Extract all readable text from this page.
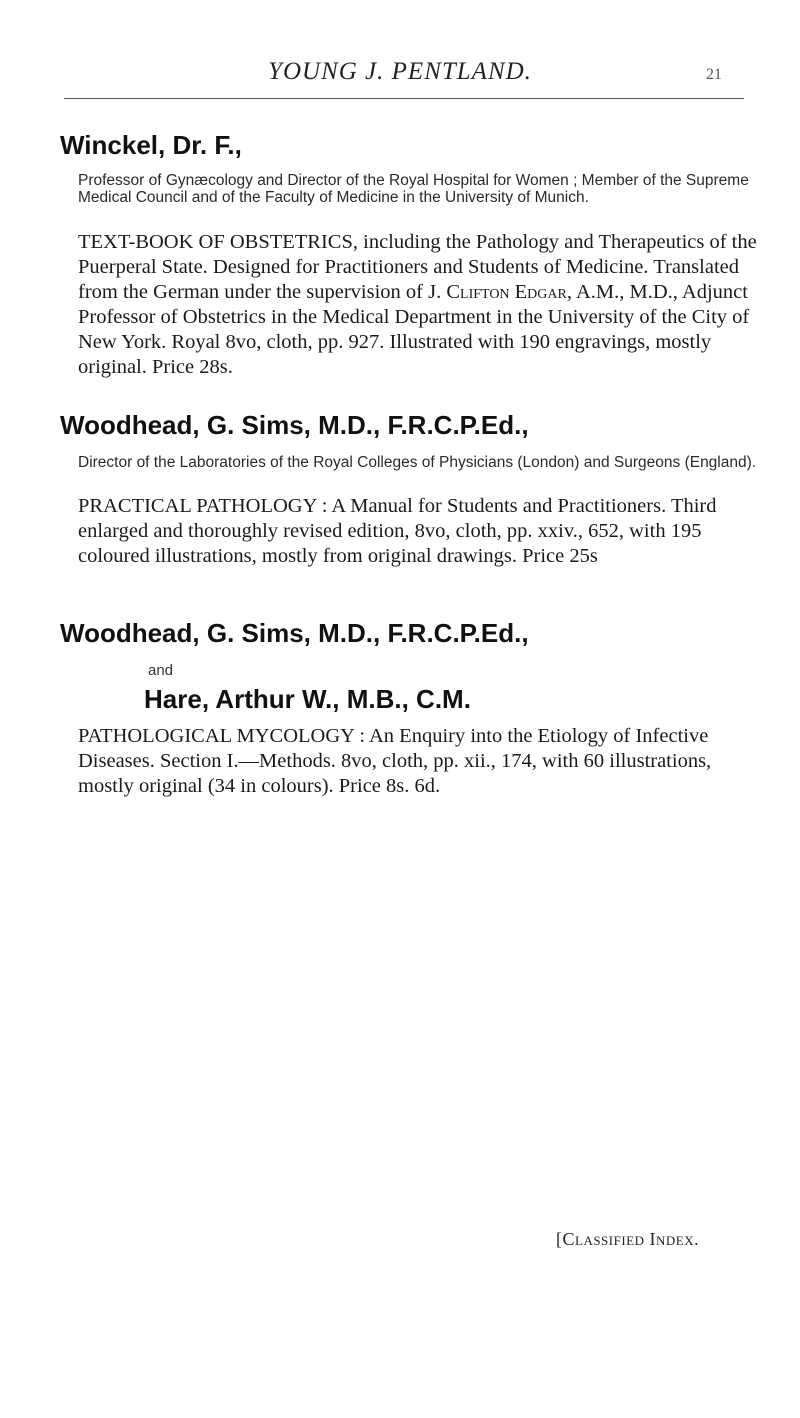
YOUNG J. PENTLAND.	21
Winckel, Dr. F.,
Professor of Gynæcology and Director of the Royal Hospital for Women ; Member of the Supreme Medical Council and of the Faculty of Medicine in the University of Munich.
TEXT-BOOK OF OBSTETRICS, including the Pathology and Therapeutics of the Puerperal State. Designed for Practitioners and Students of Medicine. Translated from the German under the supervision of J. Clifton Edgar, A.M., M.D., Adjunct Professor of Obstetrics in the Medical Department in the University of the City of New York. Royal 8vo, cloth, pp. 927. Illustrated with 190 engravings, mostly original. Price 28s.
Woodhead, G. Sims, M.D., F.R.C.P.Ed.,
Director of the Laboratories of the Royal Colleges of Physicians (London) and Surgeons (England).
PRACTICAL PATHOLOGY : A Manual for Students and Practitioners. Third enlarged and thoroughly revised edition, 8vo, cloth, pp. xxiv., 652, with 195 coloured illustrations, mostly from original drawings. Price 25s
Woodhead, G. Sims, M.D., F.R.C.P.Ed.,
and
Hare, Arthur W., M.B., C.M.
PATHOLOGICAL MYCOLOGY : An Enquiry into the Etiology of Infective Diseases. Section I.—Methods. 8vo, cloth, pp. xii., 174, with 60 illustrations, mostly original (34 in colours). Price 8s. 6d.
[Classified Index.
